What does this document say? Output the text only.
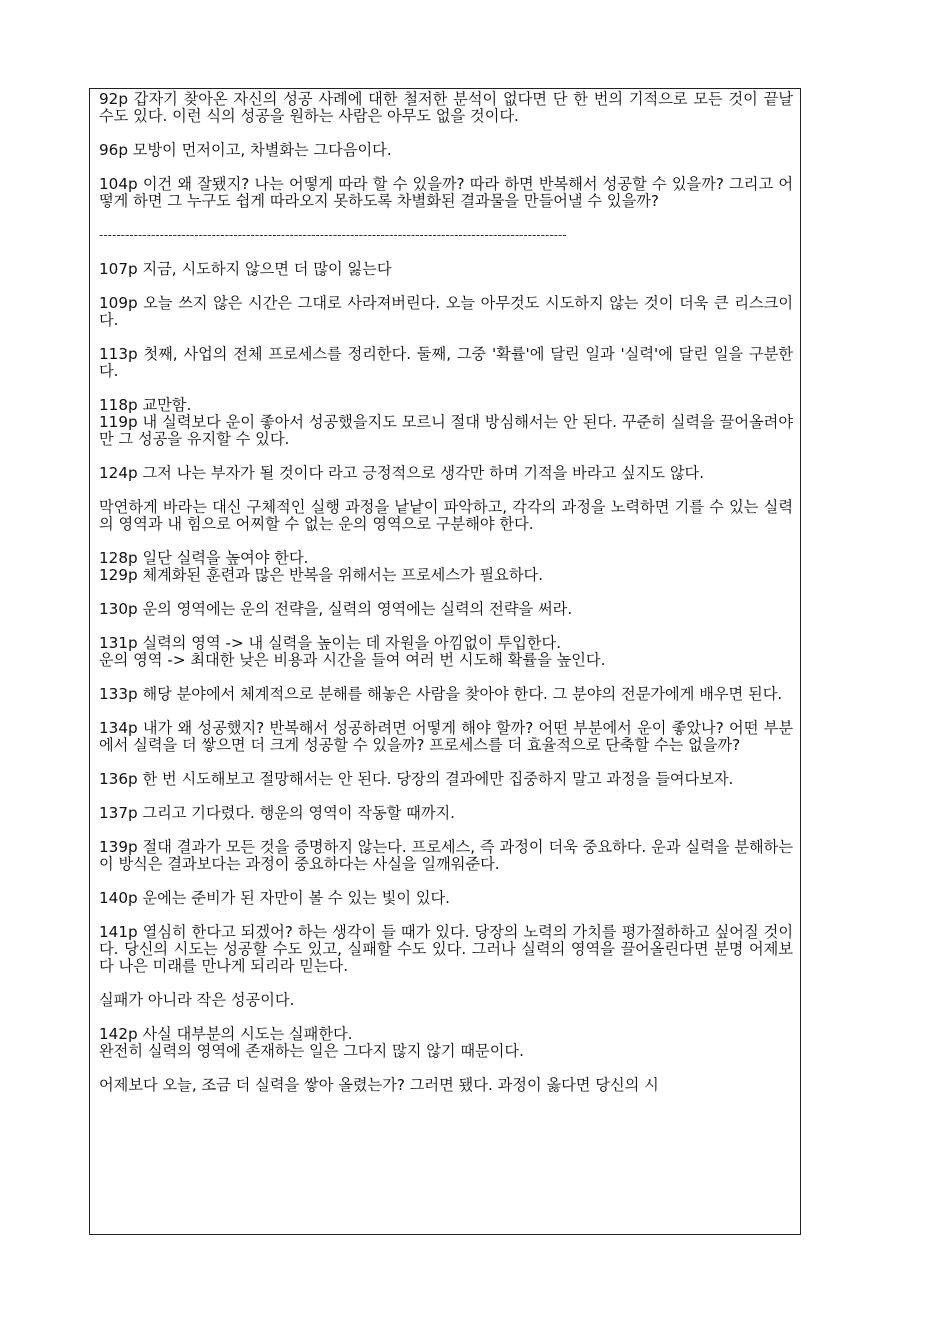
92p 갑자기 찾아온 자신의 성공 사례에 대한 철저한 분석이 없다면 단 한 번의 기적으로 모든 것이 끝날 수도 있다. 이런 식의 성공을 원하는 사람은 아무도 없을 것이다.
96p 모방이 먼저이고, 차별화는 그다음이다.
104p 이건 왜 잘됐지? 나는 어떻게 따라 할 수 있을까? 따라 하면 반복해서 성공할 수 있을까? 그리고 어떻게 하면 그 누구도 쉽게 따라오지 못하도록 차별화된 결과물을 만들어낼 수 있을까?
------------------------------------------------------------------------------------------------------------
107p 지금, 시도하지 않으면 더 많이 잃는다
109p 오늘 쓰지 않은 시간은 그대로 사라져버린다. 오늘 아무것도 시도하지 않는 것이 더욱 큰 리스크이다.
113p 첫째, 사업의 전체 프로세스를 정리한다. 둘째, 그중 '확률'에 달린 일과 '실력'에 달린 일을 구분한다.
118p 교만함.
119p 내 실력보다 운이 좋아서 성공했을지도 모르니 절대 방심해서는 안 된다. 꾸준히 실력을 끌어올려야만 그 성공을 유지할 수 있다.
124p 그저 나는 부자가 될 것이다 라고 긍정적으로 생각만 하며 기적을 바라고 싶지도 않다.
막연하게 바라는 대신 구체적인 실행 과정을 낱낱이 파악하고, 각각의 과정을 노력하면 기를 수 있는 실력의 영역과 내 힘으로 어찌할 수 없는 운의 영역으로 구분해야 한다.
128p 일단 실력을 높여야 한다.
129p 체계화된 훈련과 많은 반복을 위해서는 프로세스가 필요하다.
130p 운의 영역에는 운의 전략을, 실력의 영역에는 실력의 전략을 써라.
131p 실력의 영역 -> 내 실력을 높이는 데 자원을 아낌없이 투입한다.
운의 영역 -> 최대한 낮은 비용과 시간을 들여 여러 번 시도해 확률을 높인다.
133p 해당 분야에서 체계적으로 분해를 해놓은 사람을 찾아야 한다. 그 분야의 전문가에게 배우면 된다.
134p 내가 왜 성공했지? 반복해서 성공하려면 어떻게 해야 할까? 어떤 부분에서 운이 좋았나? 어떤 부분에서 실력을 더 쌓으면 더 크게 성공할 수 있을까? 프로세스를 더 효율적으로 단축할 수는 없을까?
136p 한 번 시도해보고 절망해서는 안 된다. 당장의 결과에만 집중하지 말고 과정을 들여다보자.
137p 그리고 기다렸다. 행운의 영역이 작동할 때까지.
139p 절대 결과가 모든 것을 증명하지 않는다. 프로세스, 즉 과정이 더욱 중요하다. 운과 실력을 분해하는 이 방식은 결과보다는 과정이 중요하다는 사실을 일깨워준다.
140p 운에는 준비가 된 자만이 볼 수 있는 빛이 있다.
141p 열심히 한다고 되겠어? 하는 생각이 들 때가 있다. 당장의 노력의 가치를 평가절하하고 싶어질 것이다. 당신의 시도는 성공할 수도 있고, 실패할 수도 있다. 그러나 실력의 영역을 끌어올린다면 분명 어제보다 나은 미래를 만나게 되리라 믿는다.
실패가 아니라 작은 성공이다.
142p 사실 대부분의 시도는 실패한다.
완전히 실력의 영역에 존재하는 일은 그다지 많지 않기 때문이다.
어제보다 오늘, 조금 더 실력을 쌓아 올렸는가? 그러면 됐다. 과정이 옳다면 당신의 시
